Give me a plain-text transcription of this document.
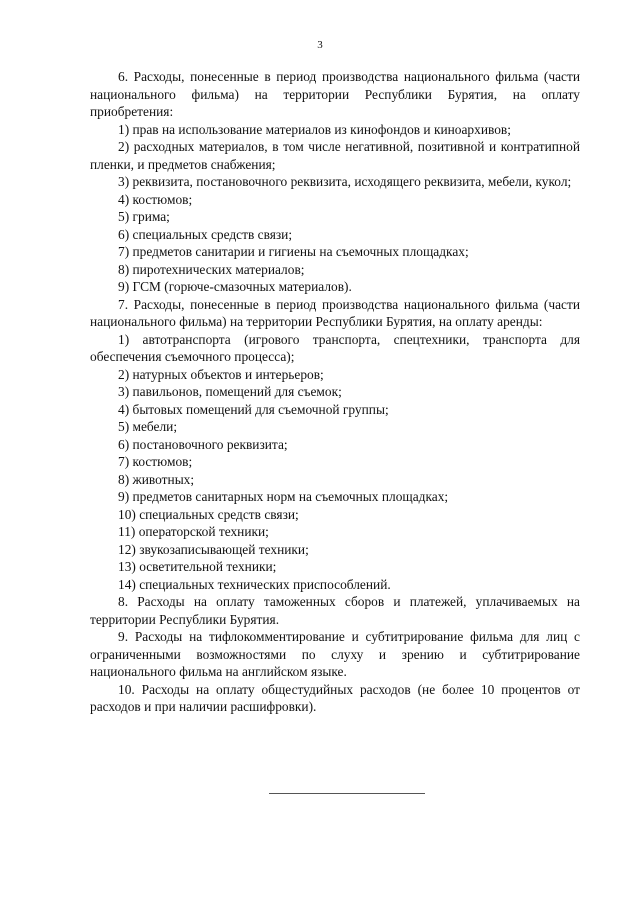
3

6. Расходы, понесенные в период производства национального фильма (части национального фильма) на территории Республики Бурятия, на оплату приобретения:

1) прав на использование материалов из кинофондов и киноархивов;

2) расходных материалов, в том числе негативной, позитивной и контратипной пленки, и предметов снабжения;

3) реквизита, постановочного реквизита, исходящего реквизита, мебели, кукол;

4) костюмов;

5) грима;

6) специальных средств связи;

7) предметов санитарии и гигиены на съемочных площадках;

8) пиротехнических материалов;

9) ГСМ (горюче-смазочных материалов).

7. Расходы, понесенные в период производства национального фильма (части национального фильма) на территории Республики Бурятия, на оплату аренды:

1) автотранспорта (игрового транспорта, спецтехники, транспорта для обеспечения съемочного процесса);

2) натурных объектов и интерьеров;

3) павильонов, помещений для съемок;

4) бытовых помещений для съемочной группы;

5) мебели;

6) постановочного реквизита;

7) костюмов;

8) животных;

9) предметов санитарных норм на съемочных площадках;

10) специальных средств связи;

11) операторской техники;

12) звукозаписывающей техники;

13) осветительной техники;

14) специальных технических приспособлений.

8. Расходы на оплату таможенных сборов и платежей, уплачиваемых на территории Республики Бурятия.

9. Расходы на тифлокомментирование и субтитрирование фильма для лиц с ограниченными возможностями по слуху и зрению и субтитрирование национального фильма на английском языке.

10. Расходы на оплату общестудийных расходов (не более 10 процентов от расходов и при наличии расшифровки).
